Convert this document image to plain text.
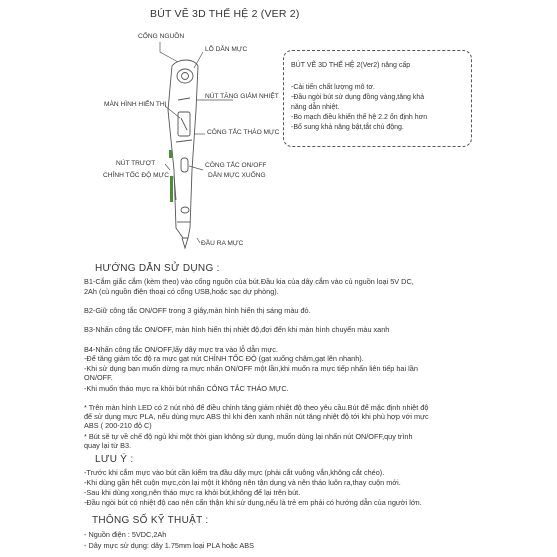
BÚT VẼ 3D THẾ HỆ 2 (VER 2)
CỔNG NGUỒN
LỖ DẪN MỰC
NÚT TĂNG GIẢM NHIỆT
MÀN HÌNH HIỂN THỊ
CÔNG TẮC THÁO MỰC
NÚT TRƯỢT
CHỈNH TỐC ĐỘ MỰC
CÔNG TẮC ON/OFF
DẪN MỰC XUỐNG
ĐẦU RA MỰC
BÚT VẼ 3D THẾ HỆ 2(Ver2) nâng cấp
-Cải tiến chất lượng mô tơ.
-Đầu ngòi bút sử dụng đồng vàng,tăng khả
năng dẫn nhiệt.
-Bo mạch điều khiển thế hệ 2.2 ổn định hơn
-Bổ sung khả năng bật,tắt chủ động.
HƯỚNG DẪN SỬ DỤNG :
B1-Cắm giắc cắm (kèm theo) vào cổng nguồn của bút.Đầu kia của dây cắm vào củ nguồn loại 5V DC,
2Ah (củ nguồn điện thoại có cổng USB,hoặc sạc dự phòng).
B2-Giữ công tắc ON/OFF trong 3 giây,màn hình hiển thị sáng màu đỏ.
B3-Nhấn công tắc ON/OFF, màn hình hiển thị nhiệt độ,đợi đến khi màn hình chuyển màu xanh
B4-Nhấn công tắc ON/OFF,lấy dây mực tra vào lỗ dẫn mực.
-Để tăng giảm tốc độ ra mực gạt nút CHỈNH TỐC ĐỘ (gạt xuống chậm,gạt lên nhanh).
-Khi sử dụng bạn muốn dừng ra mực nhấn ON/OFF một lần,khi muốn ra mực tiếp nhấn liên tiếp hai lần ON/OFF.
-Khi muốn tháo mực ra khỏi bút nhấn CÔNG TẮC THÁO MỰC.
* Trên màn hình LED có 2 nút nhỏ để điều chỉnh tăng giảm nhiệt độ theo yêu cầu.Bút để mặc định nhiệt độ để sử dụng mực PLA, nếu dùng mực ABS thì khi đèn xanh nhấn nút tăng nhiệt độ tới khi phù hợp với mực ABS ( 200-210 độ C)
* Bút sẽ tự về chế độ ngủ khi một thời gian không sử dụng, muốn dùng lại nhấn nút ON/OFF,quy trình quay lại từ B3.
LƯU Ý :
-Trước khi cắm mực vào bút cần kiểm tra đầu dây mực (phải cắt vuông vắn,không cắt chéo).
-Khi dùng gần hết cuộn mực,còn lại một ít không nên tận dụng và nên tháo luôn ra,thay cuộn mới.
-Sau khi dùng xong,nên tháo mực ra khỏi bút,không để lại trên bút.
-Đầu ngòi bút có nhiệt độ cao nên cẩn thận khi sử dụng,nếu là trẻ em phải có hướng dẫn của người lớn.
THÔNG SỐ KỸ THUẬT :
- Nguồn điện : 5VDC,2Ah
- Dây mực sử dụng: dây 1.75mm loại PLA hoặc ABS
